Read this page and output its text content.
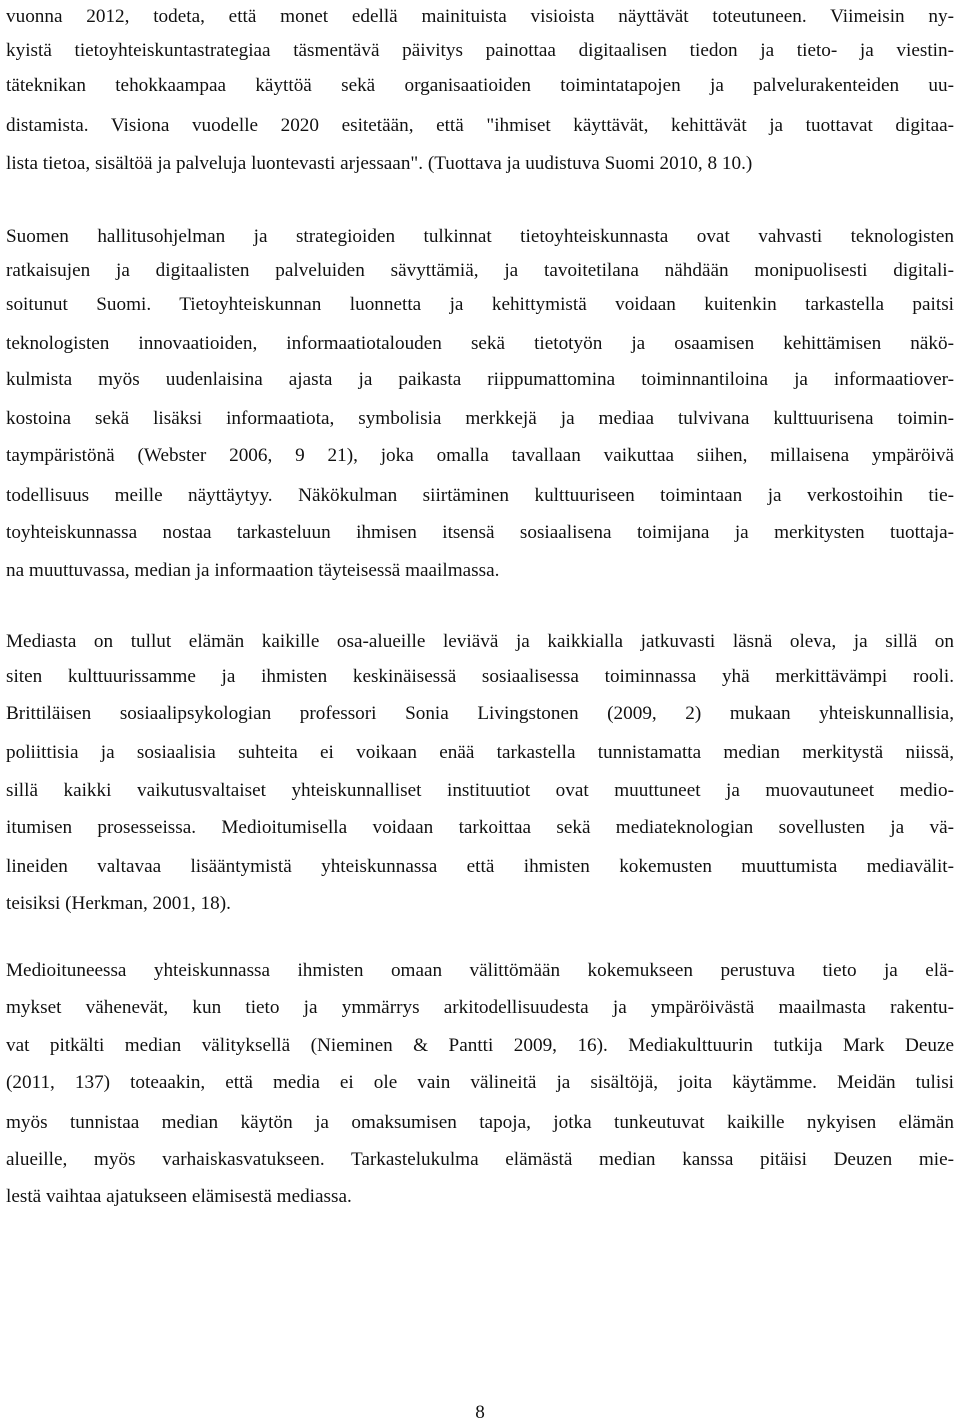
vuonna 2012, todeta, että monet edellä mainituista visioista näyttävät toteutuneen. Viimeisin ny-
kyistä tietoyhteiskuntastrategiaa täsmentävä päivitys painottaa digitaalisen tiedon ja tieto- ja viestin-
täteknikan tehokkaampaa käyttöä sekä organisaatioiden toimintatapojen ja palvelurakenteiden uu-
distamista. Visiona vuodelle 2020 esitetään, että "ihmiset käyttävät, kehittävät ja tuottavat digitaa-
lista tietoa, sisältöä ja palveluja luontevasti arjessaan". (Tuottava ja uudistuva Suomi 2010, 8 10.)
Suomen hallitusohjelman ja strategioiden tulkinnat tietoyhteiskunnasta ovat vahvasti teknologisten
ratkaisujen ja digitaalisten palveluiden sävyttämiä, ja tavoitetilana nähdään monipuolisesti digitali-
soitunut Suomi. Tietoyhteiskunnan luonnetta ja kehittymistä voidaan kuitenkin tarkastella paitsi
teknologisten innovaatioiden, informaatiotalouden sekä tietotyön ja osaamisen kehittämisen näkö-
kulmista myös uudenlaisina ajasta ja paikasta riippumattomina toiminnantiloina ja informaatiover-
kostoina sekä lisäksi informaatiota, symbolisia merkkejä ja mediaa tulvivana kulttuurisena toimin-
taympäristönä (Webster 2006, 9 21), joka omalla tavallaan vaikuttaa siihen, millaisena ympäröivä
todellisuus meille näyttäytyy. Näkökulman siirtäminen kulttuuriseen toimintaan ja verkostoihin tie-
toyhteiskunnassa nostaa tarkasteluun ihmisen itsensä sosiaalisena toimijana ja merkitysten tuottaja-
na muuttuvassa, median ja informaation täyteisessä maailmassa.
Mediasta on tullut elämän kaikille osa-alueille leviävä ja kaikkialla jatkuvasti läsnä oleva, ja sillä on
siten kulttuurissamme ja ihmisten keskinäisessä sosiaalisessa toiminnassa yhä merkittävämpi rooli.
Brittiläisen sosiaalipsykologian professori Sonia Livingstonen (2009, 2) mukaan yhteiskunnallisia,
poliittisia ja sosiaalisia suhteita ei voikaan enää tarkastella tunnistamatta median merkitystä niissä,
sillä kaikki vaikutusvaltaiset yhteiskunnalliset instituutiot ovat muuttuneet ja muovautuneet medio-
itumisen prosesseissa. Medioitumisella voidaan tarkoittaa sekä mediateknologian sovellusten ja vä-
lineiden valtavaa lisääntymistä yhteiskunnassa että ihmisten kokemusten muuttumista mediavälit-
teisiksi (Herkman, 2001, 18).
Medioituneessa yhteiskunnassa ihmisten omaan välittömään kokemukseen perustuva tieto ja elä-
mykset vähenevät, kun tieto ja ymmärrys arkitodellisuudesta ja ympäröivästä maailmasta rakentu-
vat pitkälti median välityksellä (Nieminen & Pantti 2009, 16). Mediakulttuurin tutkija Mark Deuze
(2011, 137) toteaakin, että media ei ole vain välineitä ja sisältöjä, joita käytämme. Meidän tulisi
myös tunnistaa median käytön ja omaksumisen tapoja, jotka tunkeutuvat kaikille nykyisen elämän
alueille, myös varhaiskasvatukseen. Tarkastelukulma elämästä median kanssa pitäisi Deuzen mie-
lestä vaihtaa ajatukseen elämisestä mediassa.
8
